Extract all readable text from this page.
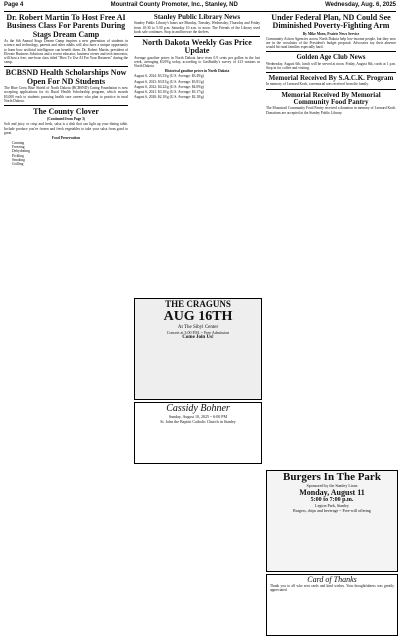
Page 4	Mountrail County Promoter, Inc., Stanley, ND	Wednesday, Aug. 6, 2025
Dr. Robert Martin To Host Free AI Business Class For Parents During Stags Dream Camp

As the 6th Annual Stags Dream Camp inspires a new generation of students in science and technology, parents and other adults will also have a unique opportunity to learn how artificial intelligence can benefit them. Dr. Robert Martin, president of Elevate Business Solutions and a recent educator, business owner and tech innovator, will host a free, one-hour class titled "How To Use AI For Your Business" during the camp.

BCBSND Health Scholarships Now Open For ND Students

The Blue Cross Blue Shield of North Dakota (BCBSND) Caring Foundation is now accepting applications for its Rural Health Scholarship program, which awards $3,000 each to students pursuing health care careers who plan to practice in rural North Dakota.

The County Clover
(Continued from Page 3)

Soft and juicy or crisp and fresh, salsa is a dish that can light up your dining table. Include produce you've frozen and fresh vegetables to take your salsa from good to great.

Food Preservation
• Canning
• Freezing
• Dehydrating
• Pickling
• Smoking
• Grilling
Stanley Public Library News

Stanley Public Library's hours are Monday, Tuesday, Wednesday, Thursday and Friday from 10:30 to 5:30 p.m. Saturday 10 a.m. to noon. The Friends of the Library used book sale continues. Stop in and browse the shelves.

North Dakota Weekly Gas Price Update

Average gasoline prices in North Dakota have risen 0.9 cents per gallon in the last week, averaging $3.09/g today, according to GasBuddy's survey of 413 stations in North Dakota.

Historical gasoline prices in North Dakota
August 6, 2024: $3.53/g (U.S. Average: $3.49/g)
August 6, 2023: $3.81/g (U.S. Average: $3.81/g)
August 6, 2022: $4.22/g (U.S. Average: $4.09/g)
August 6, 2021: $3.10/g (U.S. Average: $3.17/g)
August 6, 2020: $2.10/g (U.S. Average: $2.18/g)
Under Federal Plan, ND Could See Diminished Poverty-Fighting Arm
By Mike Moen, Prairie News Service

Community Action Agencies across North Dakota help low-income people, but they now are in the crosshairs of the President's budget proposal. Advocates say their absence would hit rural families especially hard.

Golden Age Club News

Wednesday, August 6th, lunch will be served at noon. Friday, August 8th, cards at 1 p.m. Stop in for coffee and visiting.

Memorial Received By S.A.C.K. Program

In memory of Leonard Kraft, a memorial was received from the family.

Memorial Received By Memorial Community Food Pantry

The Mountrail Community Food Pantry received a donation in memory of Leonard Kraft. Donations are accepted at the Stanley Public Library.

THE CRAGUNS
AUG 16TH
At The Sibyl Center
Concert at 3:00 P.M. ~ Free Admission
Come Join Us!
Cassidy Bohner
Sunday, August 10, 2025 ~ 6:00 PM
St. John the Baptist Catholic Church in Stanley
Burgers In The Park
Sponsored by the Stanley Lions
Monday, August 11
5:00 to 7:00 p.m.
Legion Park, Stanley
Burgers, chips and beverage ~ Free-will offering
Card of Thanks
Thank you to all who sent cards and kind wishes. Your thoughtfulness was greatly appreciated.
